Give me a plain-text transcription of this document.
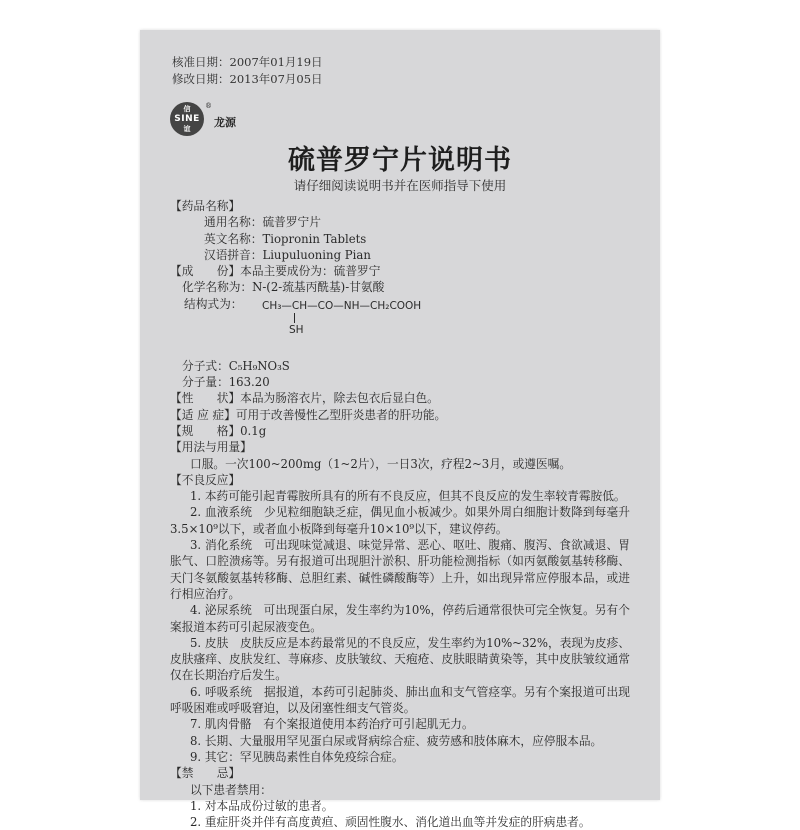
核准日期：2007年01月19日
修改日期：2013年07月05日
信
SINE
谊
®
龙源
硫普罗宁片说明书
请仔细阅读说明书并在医师指导下使用
【药品名称】
通用名称：硫普罗宁片
英文名称：Tiopronin Tablets
汉语拼音：Liupuluoning Pian
【成　　份】本品主要成份为：硫普罗宁
化学名称为：N-(2-巯基丙酰基)-甘氨酸
结构式为： CH₃—CH—CO—NH—CH₂COOH
SH
分子式：C₅H₉NO₃S
分子量：163.20
【性　　状】本品为肠溶衣片，除去包衣后显白色。
【适 应 症】可用于改善慢性乙型肝炎患者的肝功能。
【规　　格】0.1g
【用法与用量】
口服。一次100~200mg（1~2片），一日3次，疗程2~3月，或遵医嘱。
【不良反应】
1. 本药可能引起青霉胺所具有的所有不良反应，但其不良反应的发生率较青霉胺低。
2. 血液系统　少见粒细胞缺乏症，偶见血小板减少。如果外周白细胞计数降到每毫升3.5×10⁹以下，或者血小板降到每毫升10×10⁹以下，建议停药。
3. 消化系统　可出现味觉减退、味觉异常、恶心、呕吐、腹痛、腹泻、食欲减退、胃胀气、口腔溃疡等。另有报道可出现胆汁淤积、肝功能检测指标（如丙氨酸氨基转移酶、天门冬氨酸氨基转移酶、总胆红素、碱性磷酸酶等）上升，如出现异常应停服本品，或进行相应治疗。
4. 泌尿系统　可出现蛋白尿，发生率约为10%，停药后通常很快可完全恢复。另有个案报道本药可引起尿液变色。
5. 皮肤　皮肤反应是本药最常见的不良反应，发生率约为10%~32%，表现为皮疹、皮肤瘙痒、皮肤发红、荨麻疹、皮肤皱纹、天疱疮、皮肤眼睛黄染等，其中皮肤皱纹通常仅在长期治疗后发生。
6. 呼吸系统　据报道，本药可引起肺炎、肺出血和支气管痉挛。另有个案报道可出现呼吸困难或呼吸窘迫，以及闭塞性细支气管炎。
7. 肌肉骨骼　有个案报道使用本药治疗可引起肌无力。
8. 长期、大量服用罕见蛋白尿或肾病综合症、疲劳感和肢体麻木，应停服本品。
9. 其它：罕见胰岛素性自体免疫综合症。
【禁　　忌】
以下患者禁用：
1. 对本品成份过敏的患者。
2. 重症肝炎并伴有高度黄疸、顽固性腹水、消化道出血等并发症的肝病患者。
